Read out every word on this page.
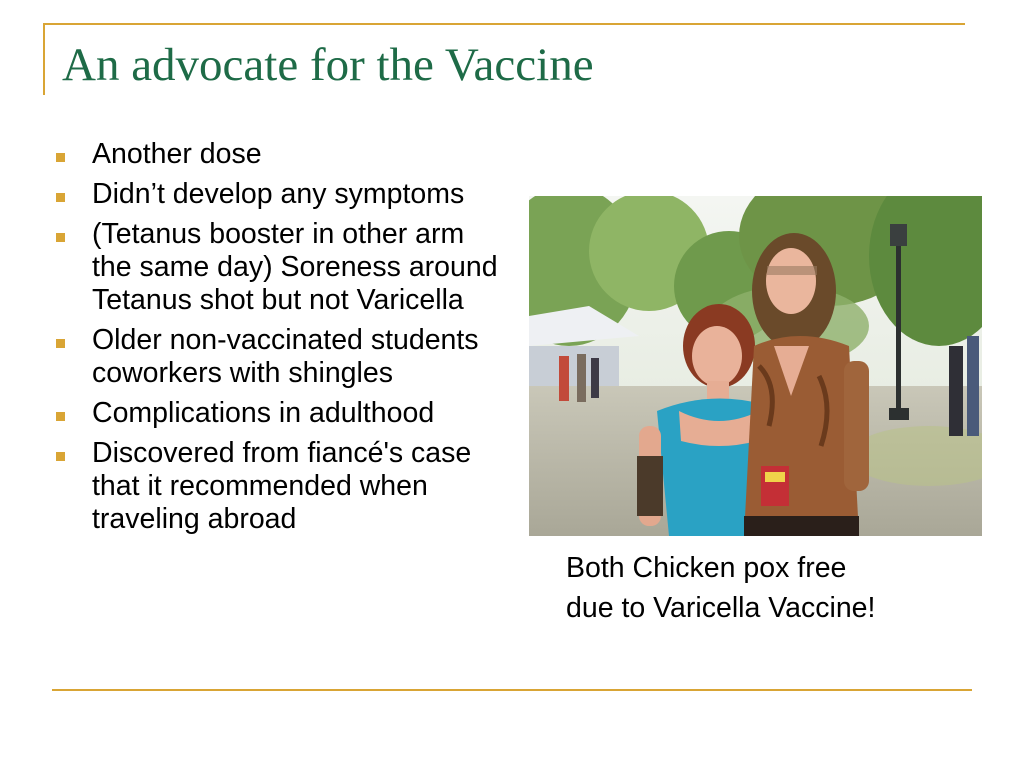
An advocate for the Vaccine
Another dose
Didn’t develop any symptoms
(Tetanus booster in other arm the same day) Soreness around Tetanus shot but not Varicella
Older non-vaccinated students coworkers with shingles
Complications in adulthood
Discovered from fiancé's case that it recommended when traveling abroad
Both Chicken pox free
due to Varicella Vaccine!
